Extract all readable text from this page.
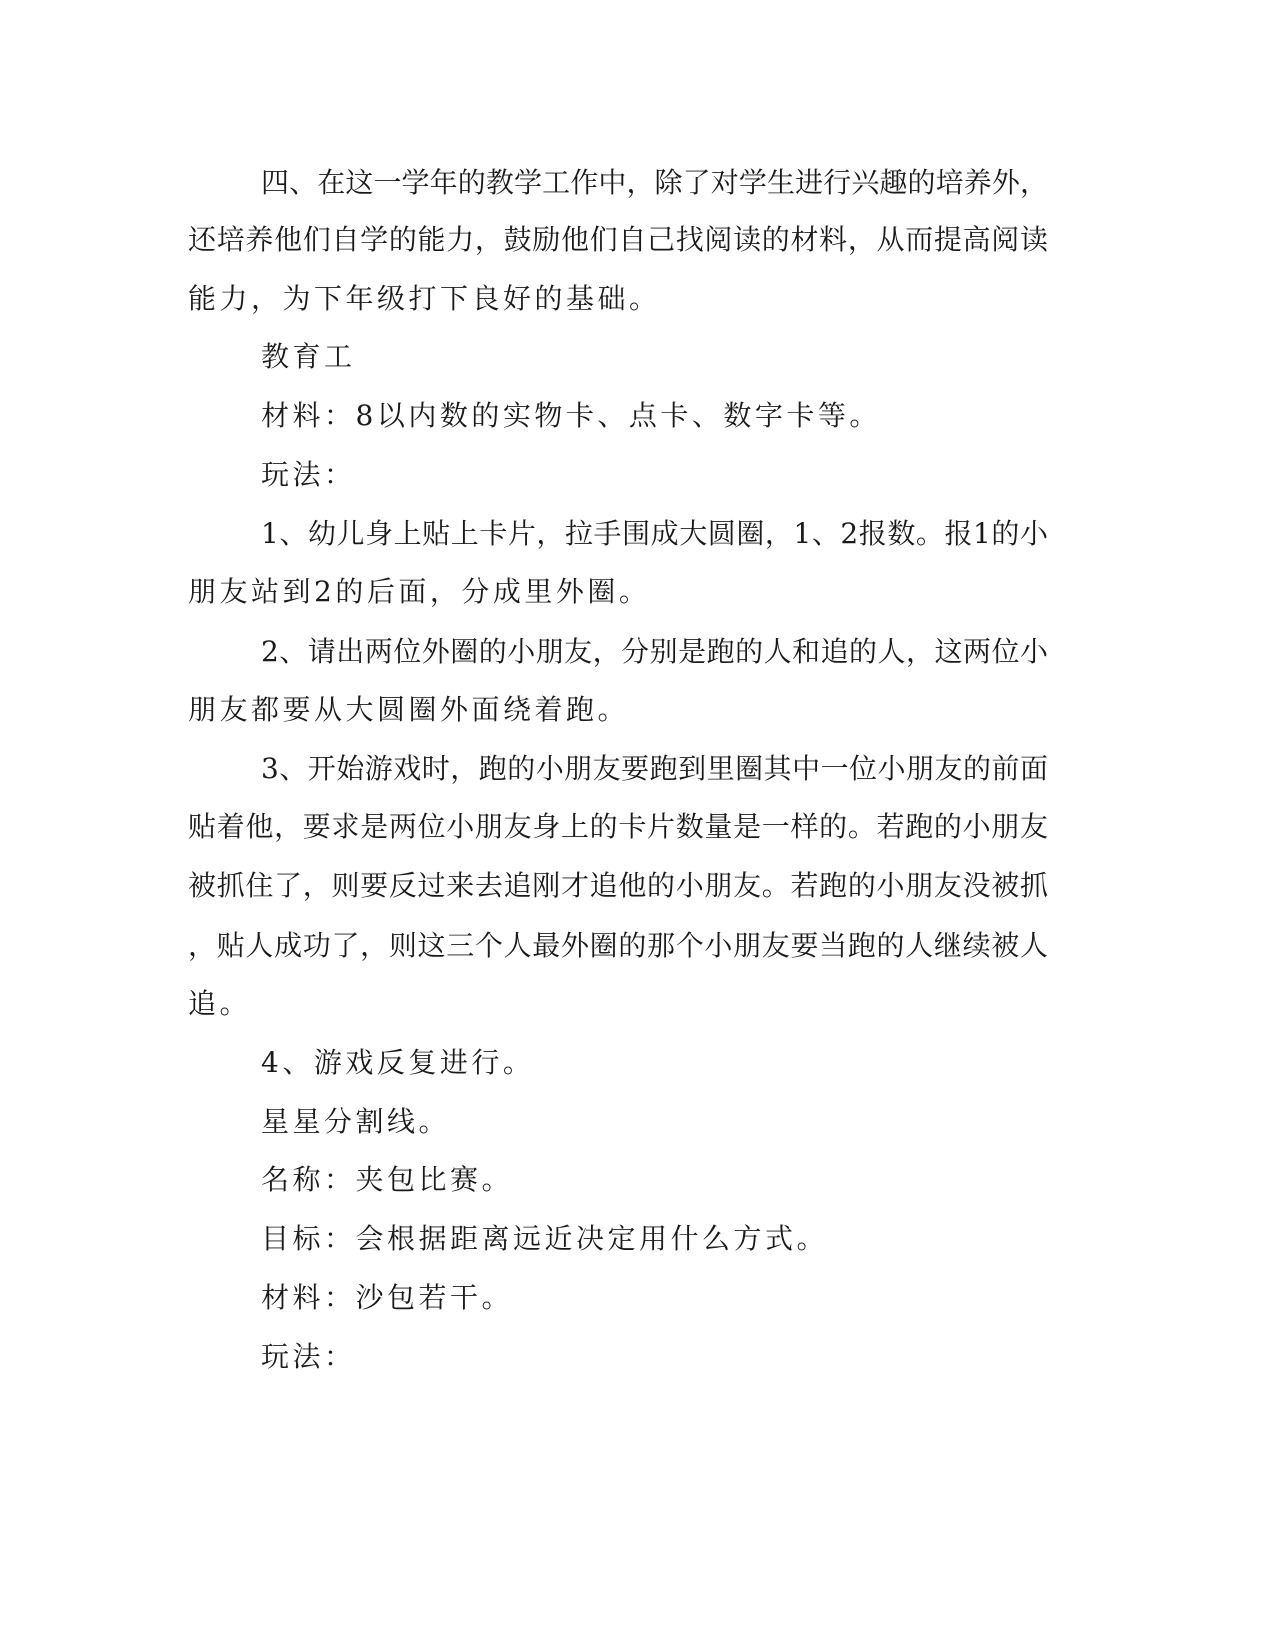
四、在这一学年的教学工作中，除了对学生进行兴趣的培养外，
还培养他们自学的能力，鼓励他们自己找阅读的材料，从而提高阅读
能力，为下年级打下良好的基础。
教育工
材料：8以内数的实物卡、点卡、数字卡等。
玩法：
1、幼儿身上贴上卡片，拉手围成大圆圈，1、2报数。报1的小
朋友站到2的后面，分成里外圈。
2、请出两位外圈的小朋友，分别是跑的人和追的人，这两位小
朋友都要从大圆圈外面绕着跑。
3、开始游戏时，跑的小朋友要跑到里圈其中一位小朋友的前面
贴着他，要求是两位小朋友身上的卡片数量是一样的。若跑的小朋友
被抓住了，则要反过来去追刚才追他的小朋友。若跑的小朋友没被抓
，贴人成功了，则这三个人最外圈的那个小朋友要当跑的人继续被人
追。
4、游戏反复进行。
星星分割线。
名称：夹包比赛。
目标：会根据距离远近决定用什么方式。
材料：沙包若干。
玩法：
